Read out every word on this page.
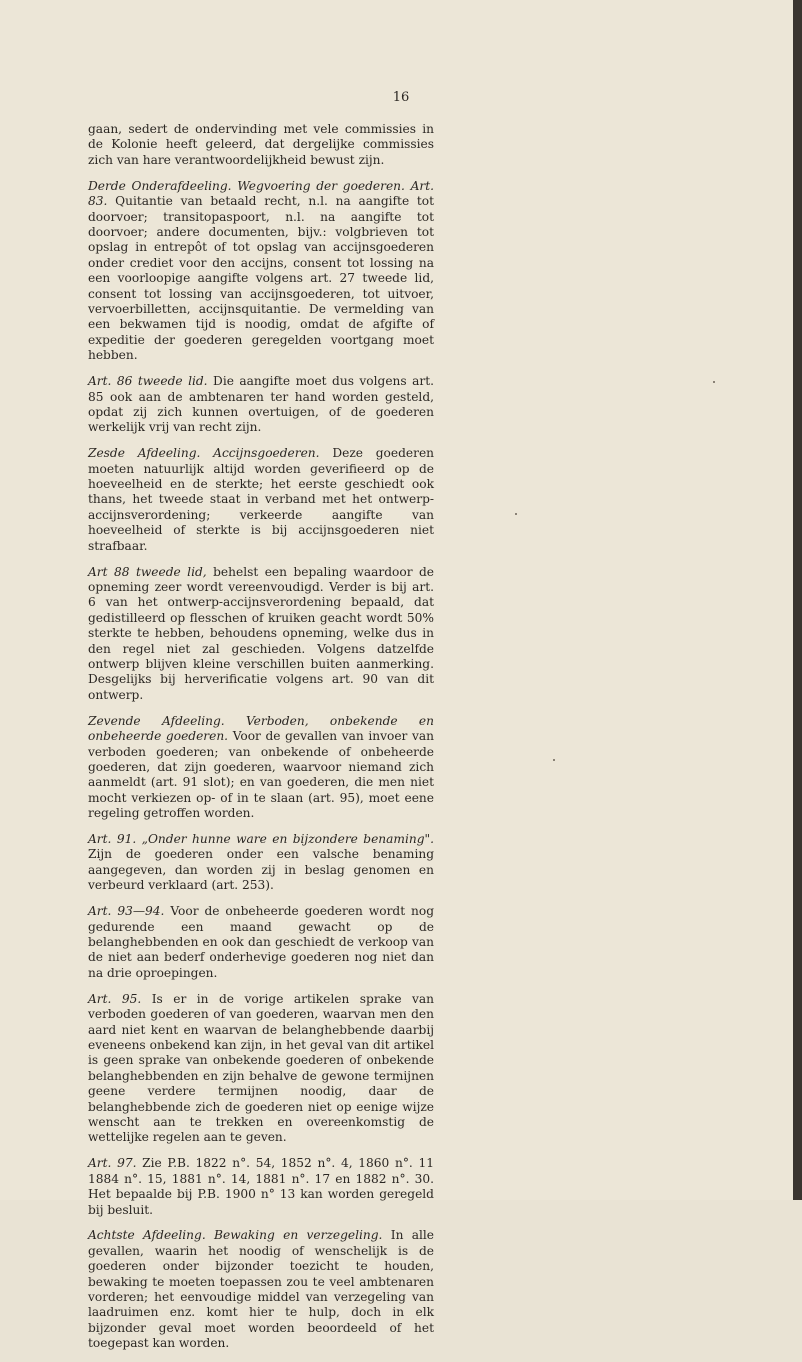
16

gaan, sedert de ondervinding met vele commissies in de Kolonie heeft geleerd, dat dergelijke commissies zich van hare verantwoordelijkheid bewust zijn.

Derde Onderafdeeling. Wegvoering der goederen. Art. 83. Quitantie van betaald recht, n.l. na aangifte tot doorvoer; transitopaspoort, n.l. na aangifte tot doorvoer; andere documenten, bijv.: volgbrieven tot opslag in entrepôt of tot opslag van accijnsgoederen onder crediet voor den accijns, consent tot lossing na een voorloopige aangifte volgens art. 27 tweede lid, consent tot lossing van accijnsgoederen, tot uitvoer, vervoerbilletten, accijnsquitantie. De vermelding van een bekwamen tijd is noodig, omdat de afgifte of expeditie der goederen geregelden voortgang moet hebben.

Art. 86 tweede lid. Die aangifte moet dus volgens art. 85 ook aan de ambtenaren ter hand worden gesteld, opdat zij zich kunnen overtuigen, of de goederen werkelijk vrij van recht zijn.

Zesde Afdeeling. Accijnsgoederen. Deze goederen moeten natuurlijk altijd worden geverifieerd op de hoeveelheid en de sterkte; het eerste geschiedt ook thans, het tweede staat in verband met het ontwerp-accijnsverordening; verkeerde aangifte van hoeveelheid of sterkte is bij accijnsgoederen niet strafbaar.

Art 88 tweede lid, behelst een bepaling waardoor de opneming zeer wordt vereenvoudigd. Verder is bij art. 6 van het ontwerp-accijnsverordening bepaald, dat gedistilleerd op flesschen of kruiken geacht wordt 50% sterkte te hebben, behoudens opneming, welke dus in den regel niet zal geschieden. Volgens datzelfde ontwerp blijven kleine verschillen buiten aanmerking. Desgelijks bij herverificatie volgens art. 90 van dit ontwerp.

Zevende Afdeeling. Verboden, onbekende en onbeheerde goederen. Voor de gevallen van invoer van verboden goederen; van onbekende of onbeheerde goederen, dat zijn goederen, waarvoor niemand zich aanmeldt (art. 91 slot); en van goederen, die men niet mocht verkiezen op- of in te slaan (art. 95), moet eene regeling getroffen worden.

Art. 91. „Onder hunne ware en bijzondere benaming". Zijn de goederen onder een valsche benaming aangegeven, dan worden zij in beslag genomen en verbeurd verklaard (art. 253).

Art. 93—94. Voor de onbeheerde goederen wordt nog gedurende een maand gewacht op de belanghebbenden en ook dan geschiedt de verkoop van de niet aan bederf onderhevige goederen nog niet dan na drie oproepingen.

Art. 95. Is er in de vorige artikelen sprake van verboden goederen of van goederen, waarvan men den aard niet kent en waarvan de belanghebbende daarbij eveneens onbekend kan zijn, in het geval van dit artikel is geen sprake van onbekende goederen of onbekende belanghebbenden en zijn behalve de gewone termijnen geene verdere termijnen noodig, daar de belanghebbende zich de goederen niet op eenige wijze wenscht aan te trekken en overeenkomstig de wettelijke regelen aan te geven.

Art. 97. Zie P.B. 1822 n°. 54, 1852 n°. 4, 1860 n°. 11 1884 n°. 15, 1881 n°. 14, 1881 n°. 17 en 1882 n°. 30. Het bepaalde bij P.B. 1900 n° 13 kan worden geregeld bij besluit.

Achtste Afdeeling. Bewaking en verzegeling. In alle gevallen, waarin het noodig of wenschelijk is de goederen onder bijzonder toezicht te houden, bewaking te moeten toepassen zou te veel ambtenaren vorderen; het eenvoudige middel van verzegeling van laadruimen enz. komt hier te hulp, doch in elk bijzonder geval moet worden beoordeeld of het toegepast kan worden.
